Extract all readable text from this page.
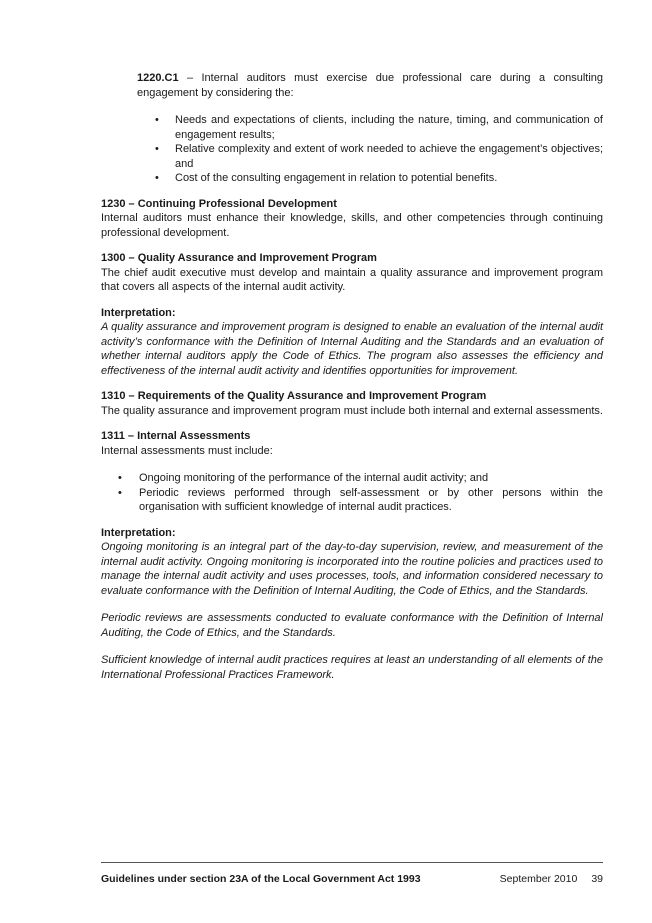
1220.C1 – Internal auditors must exercise due professional care during a consulting engagement by considering the:

• Needs and expectations of clients, including the nature, timing, and communication of engagement results;
• Relative complexity and extent of work needed to achieve the engagement’s objectives; and
• Cost of the consulting engagement in relation to potential benefits.

1230 – Continuing Professional Development

Internal auditors must enhance their knowledge, skills, and other competencies through continuing professional development.

1300 – Quality Assurance and Improvement Program

The chief audit executive must develop and maintain a quality assurance and improvement program that covers all aspects of the internal audit activity.

Interpretation:

A quality assurance and improvement program is designed to enable an evaluation of the internal audit activity’s conformance with the Definition of Internal Auditing and the Standards and an evaluation of whether internal auditors apply the Code of Ethics. The program also assesses the efficiency and effectiveness of the internal audit activity and identifies opportunities for improvement.

1310 – Requirements of the Quality Assurance and Improvement Program

The quality assurance and improvement program must include both internal and external assessments.

1311 – Internal Assessments

Internal assessments must include:

• Ongoing monitoring of the performance of the internal audit activity; and
• Periodic reviews performed through self-assessment or by other persons within the organisation with sufficient knowledge of internal audit practices.

Interpretation:

Ongoing monitoring is an integral part of the day-to-day supervision, review, and measurement of the internal audit activity. Ongoing monitoring is incorporated into the routine policies and practices used to manage the internal audit activity and uses processes, tools, and information considered necessary to evaluate conformance with the Definition of Internal Auditing, the Code of Ethics, and the Standards.

Periodic reviews are assessments conducted to evaluate conformance with the Definition of Internal Auditing, the Code of Ethics, and the Standards.

Sufficient knowledge of internal audit practices requires at least an understanding of all elements of the International Professional Practices Framework.

Guidelines under section 23A of the Local Government Act 1993	September 2010 39
